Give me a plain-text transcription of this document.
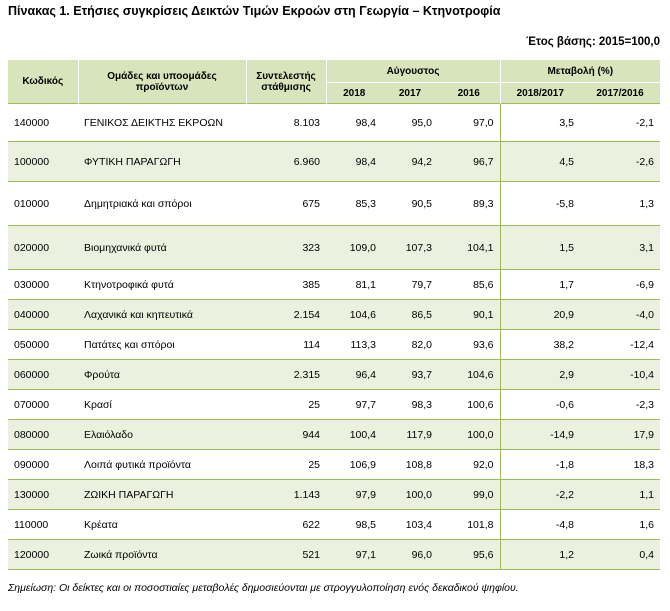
Πίνακας 1. Ετήσιες συγκρίσεις Δεικτών Τιμών Εκροών στη Γεωργία – Κτηνοτροφία
Έτος βάσης: 2015=100,0
Κωδικός	Ομάδες και υποομάδες προϊόντων	Συντελεστής στάθμισης	Αύγουστος			Μεταβολή (%)	
			2018	2017	2016	2018/2017	2017/2016
140000	ΓΕΝΙΚΟΣ ΔΕΙΚΤΗΣ ΕΚΡΟΩΝ	8.103	98,4	95,0	97,0	3,5	-2,1
100000	ΦΥΤΙΚΗ ΠΑΡΑΓΩΓΗ	6.960	98,4	94,2	96,7	4,5	-2,6
010000	Δημητριακά και σπόροι	675	85,3	90,5	89,3	-5,8	1,3
020000	Βιομηχανικά φυτά	323	109,0	107,3	104,1	1,5	3,1
030000	Κτηνοτροφικά φυτά	385	81,1	79,7	85,6	1,7	-6,9
040000	Λαχανικά και κηπευτικά	2.154	104,6	86,5	90,1	20,9	-4,0
050000	Πατάτες και σπόροι	114	113,3	82,0	93,6	38,2	-12,4
060000	Φρούτα	2.315	96,4	93,7	104,6	2,9	-10,4
070000	Κρασί	25	97,7	98,3	100,6	-0,6	-2,3
080000	Ελαιόλαδο	944	100,4	117,9	100,0	-14,9	17,9
090000	Λοιπά φυτικά προϊόντα	25	106,9	108,8	92,0	-1,8	18,3
130000	ΖΩΙΚΗ ΠΑΡΑΓΩΓΗ	1.143	97,9	100,0	99,0	-2,2	1,1
110000	Κρέατα	622	98,5	103,4	101,8	-4,8	1,6
120000	Ζωικά προϊόντα	521	97,1	96,0	95,6	1,2	0,4
Σημείωση: Οι δείκτες και οι ποσοστιαίες μεταβολές δημοσιεύονται με στρογγυλοποίηση ενός δεκαδικού ψηφίου.
